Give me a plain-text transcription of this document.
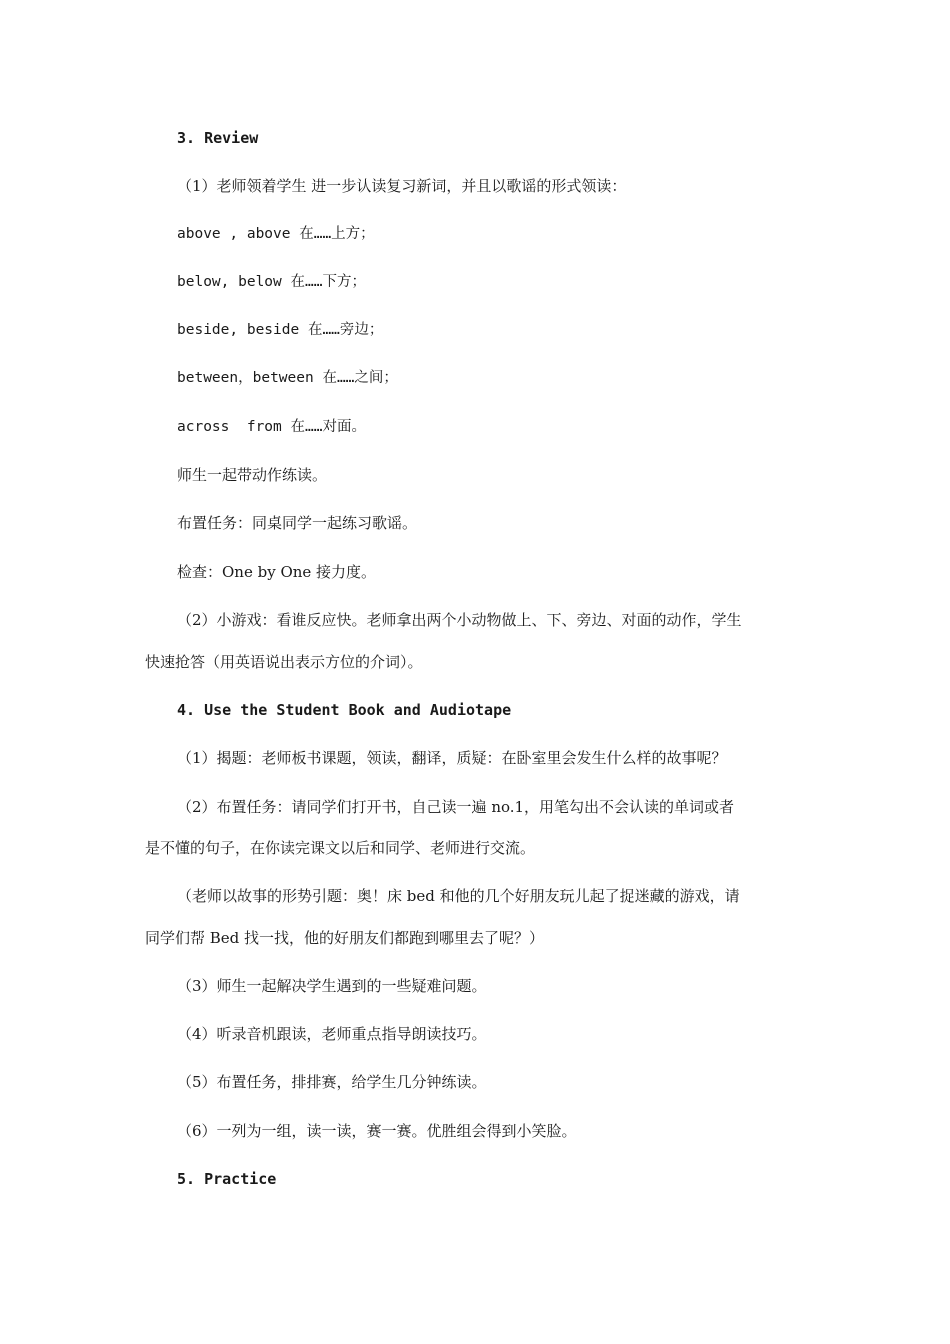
3. Review
（1）老师领着学生 进一步认读复习新词，并且以歌谣的形式领读：
above , above 在……上方；
below, below 在……下方；
beside, beside 在……旁边；
between，between 在……之间；
across  from 在……对面。
师生一起带动作练读。
布置任务：同桌同学一起练习歌谣。
检查：One by One 接力度。
（2）小游戏：看谁反应快。老师拿出两个小动物做上、下、旁边、对面的动作，学生
快速抢答（用英语说出表示方位的介词）。
4. Use the Student Book and Audiotape
（1）揭题：老师板书课题，领读，翻译，质疑：在卧室里会发生什么样的故事呢？
（2）布置任务：请同学们打开书，自己读一遍 no.1，用笔勾出不会认读的单词或者
是不懂的句子，在你读完课文以后和同学、老师进行交流。
（老师以故事的形势引题：奥！床 bed 和他的几个好朋友玩儿起了捉迷藏的游戏，请
同学们帮 Bed 找一找，他的好朋友们都跑到哪里去了呢？）
（3）师生一起解决学生遇到的一些疑难问题。
（4）听录音机跟读，老师重点指导朗读技巧。
（5）布置任务，排排赛，给学生几分钟练读。
（6）一列为一组，读一读，赛一赛。优胜组会得到小笑脸。
5. Practice
